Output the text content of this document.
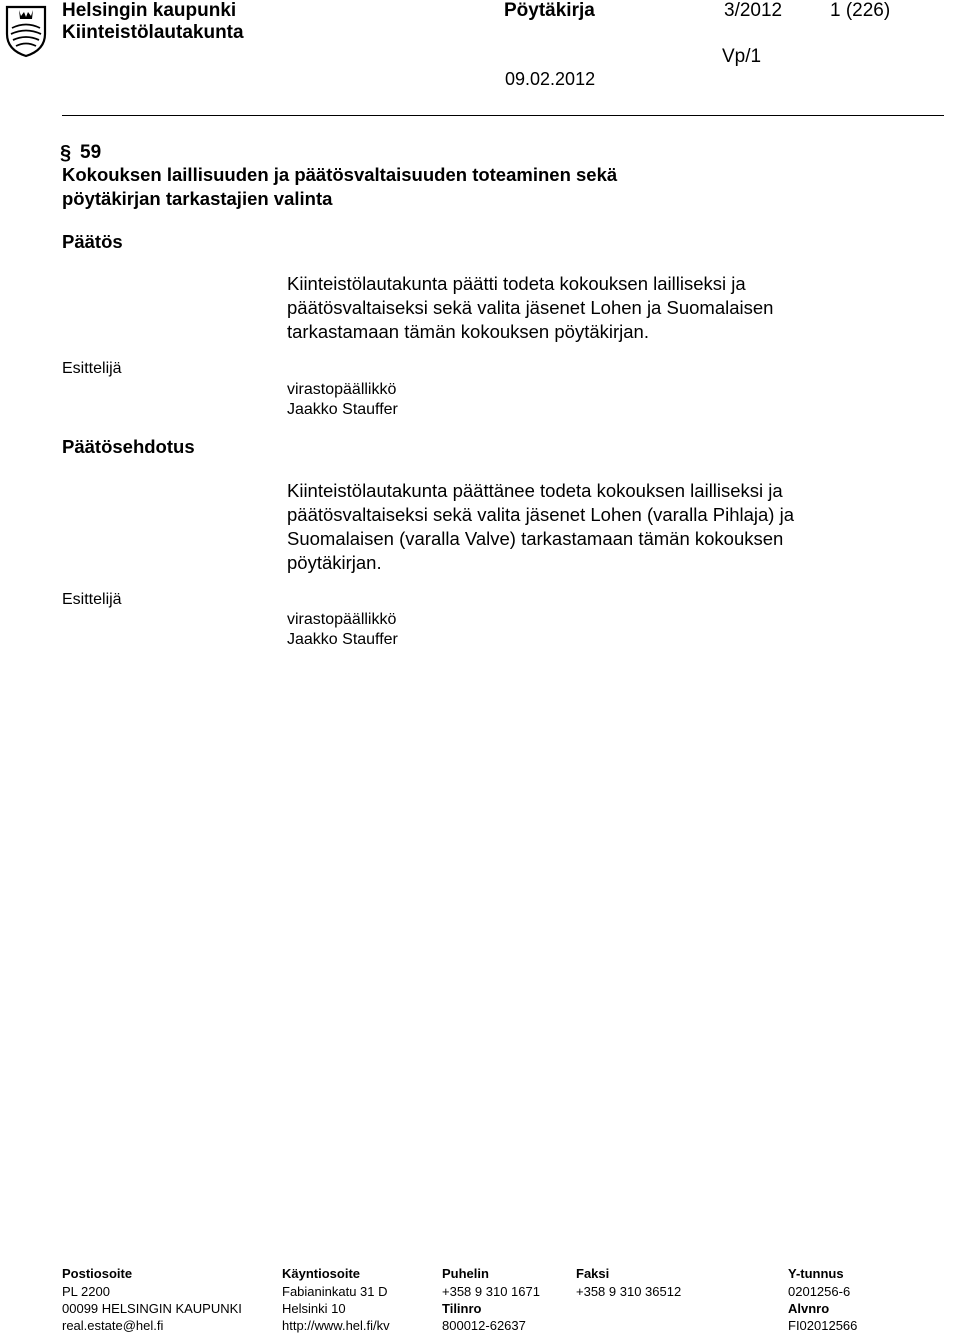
Helsingin kaupunki
Kiinteistölautakunta
Pöytäkirja	3/2012	1 (226)
Vp/1
09.02.2012
§ 59
Kokouksen laillisuuden ja päätösvaltaisuuden toteaminen sekä
pöytäkirjan tarkastajien valinta
Päätös
Kiinteistölautakunta päätti todeta kokouksen lailliseksi ja
päätösvaltaiseksi sekä valita jäsenet Lohen ja Suomalaisen
tarkastamaan tämän kokouksen pöytäkirjan.
Esittelijä
virastopäällikkö
Jaakko Stauffer
Päätösehdotus
Kiinteistölautakunta päättänee todeta kokouksen lailliseksi ja
päätösvaltaiseksi sekä valita jäsenet Lohen (varalla Pihlaja) ja
Suomalaisen (varalla Valve) tarkastamaan tämän kokouksen
pöytäkirjan.
Esittelijä
virastopäällikkö
Jaakko Stauffer
Postiosoite
PL 2200
00099 HELSINGIN KAUPUNKI
real.estate@hel.fi
Käyntiosoite
Fabianinkatu 31 D
Helsinki 10
http://www.hel.fi/kv
Puhelin
+358 9 310 1671
Tilinro
800012-62637
Faksi
+358 9 310 36512
Y-tunnus
0201256-6
Alvnro
FI02012566
